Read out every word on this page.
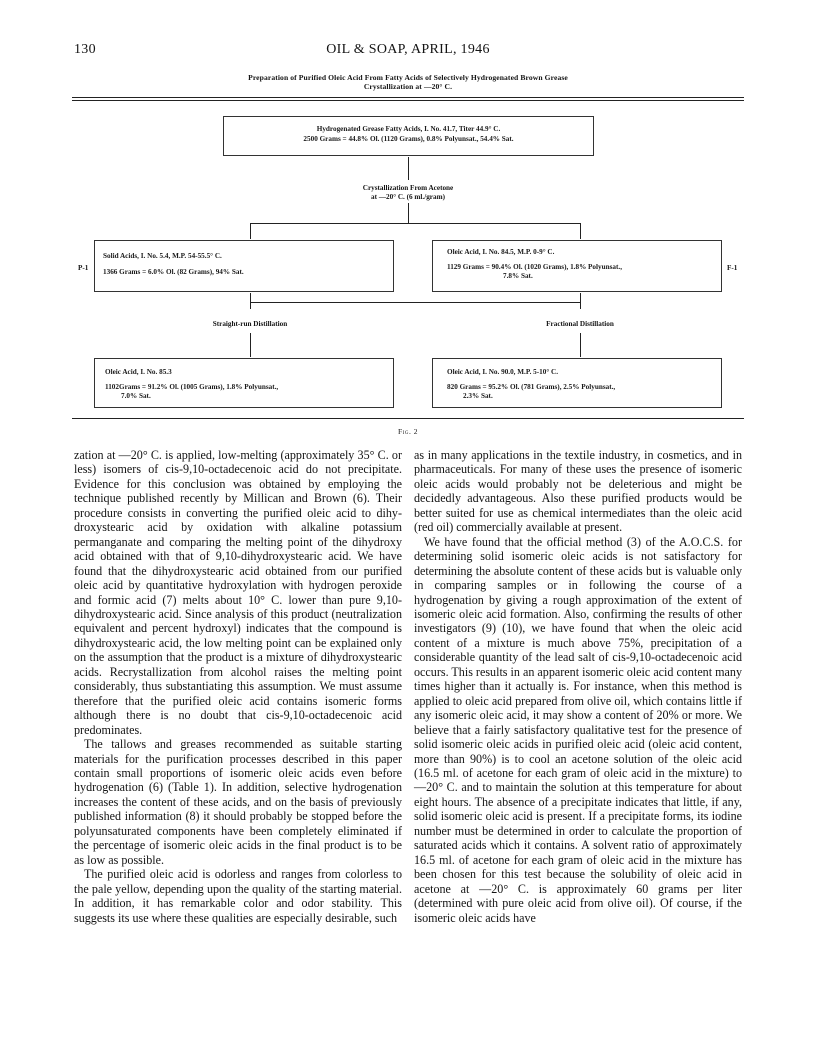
130	OIL & SOAP, APRIL, 1946
Preparation of Purified Oleic Acid From Fatty Acids of Selectively Hydrogenated Brown Grease
Crystallization at —20° C.
Hydrogenated Grease Fatty Acids, I. No. 41.7, Titer 44.9° C.
2500 Grams = 44.8% Ol. (1120 Grams), 0.8% Polyunsat., 54.4% Sat.
Crystallization From Acetone
at —20° C. (6 ml./gram)
P-1
Solid Acids, I. No. 5.4, M.P. 54-55.5° C.
1366 Grams = 6.0% Ol. (82 Grams), 94% Sat.
Oleic Acid, I. No. 84.5, M.P. 0-9° C.
1129 Grams = 90.4% Ol. (1020 Grams), 1.8% Polyunsat.,
7.8% Sat.
F-1
Straight-run Distillation	Fractional Distillation
Oleic Acid, I. No. 85.3
1102Grams = 91.2% Ol. (1005 Grams), 1.8% Polyunsat.,
7.0% Sat.
Oleic Acid, I. No. 90.0, M.P. 5-10° C.
820 Grams = 95.2% Ol. (781 Grams), 2.5% Polyunsat.,
2.3% Sat.
Fig. 2

zation at —20° C. is applied, low-melting (approximately 35° C. or less) isomers of cis-9,10-octadecenoic acid do not precipitate. Evidence for this conclusion was obtained by employing the technique published recently by Millican and Brown (6). Their procedure consists in converting the purified oleic acid to dihydroxystearic acid by oxidation with alkaline potassium permanganate and comparing the melting point of the dihydroxy acid obtained with that of 9,10-dihydroxystearic acid. We have found that the dihydroxystearic acid obtained from our purified oleic acid by quantitative hydroxylation with hydrogen peroxide and formic acid (7) melts about 10° C. lower than pure 9,10-dihydroxystearic acid. Since analysis of this product (neutralization equivalent and percent hydroxyl) indicates that the compound is dihydroxystearic acid, the low melting point can be explained only on the assumption that the product is a mixture of dihydroxystearic acids. Recrystallization from alcohol raises the melting point considerably, thus substantiating this assumption. We must assume therefore that the purified oleic acid contains isomeric forms although there is no doubt that cis-9,10-octadecenoic acid predominates.

The tallows and greases recommended as suitable starting materials for the purification processes described in this paper contain small proportions of isomeric oleic acids even before hydrogenation (6) (Table 1). In addition, selective hydrogenation increases the content of these acids, and on the basis of previously published information (8) it should probably be stopped before the polyunsaturated components have been completely eliminated if the percentage of isomeric oleic acids in the final product is to be as low as possible.

The purified oleic acid is odorless and ranges from colorless to the pale yellow, depending upon the quality of the starting material. In addition, it has remarkable color and odor stability. This suggests its use where these qualities are especially desirable, such

as in many applications in the textile industry, in cosmetics, and in pharmaceuticals. For many of these uses the presence of isomeric oleic acids would probably not be deleterious and might be decidedly advantageous. Also these purified products would be better suited for use as chemical intermediates than the oleic acid (red oil) commercially available at present.

We have found that the official method (3) of the A.O.C.S. for determining solid isomeric oleic acids is not satisfactory for determining the absolute content of these acids but is valuable only in comparing samples or in following the course of a hydrogenation by giving a rough approximation of the extent of isomeric oleic acid formation. Also, confirming the results of other investigators (9) (10), we have found that when the oleic acid content of a mixture is much above 75%, precipitation of a considerable quantity of the lead salt of cis-9,10-octadecenoic acid occurs. This results in an apparent isomeric oleic acid content many times higher than it actually is. For instance, when this method is applied to oleic acid prepared from olive oil, which contains little if any isomeric oleic acid, it may show a content of 20% or more. We believe that a fairly satisfactory qualitative test for the presence of solid isomeric oleic acids in purified oleic acid (oleic acid content, more than 90%) is to cool an acetone solution of the oleic acid (16.5 ml. of acetone for each gram of oleic acid in the mixture) to —20° C. and to maintain the solution at this temperature for about eight hours. The absence of a precipitate indicates that little, if any, solid isomeric oleic acid is present. If a precipitate forms, its iodine number must be determined in order to calculate the proportion of saturated acids which it contains. A solvent ratio of approximately 16.5 ml. of acetone for each gram of oleic acid in the mixture has been chosen for this test because the solubility of oleic acid in acetone at —20° C. is approximately 60 grams per liter (determined with pure oleic acid from olive oil). Of course, if the isomeric oleic acids have
